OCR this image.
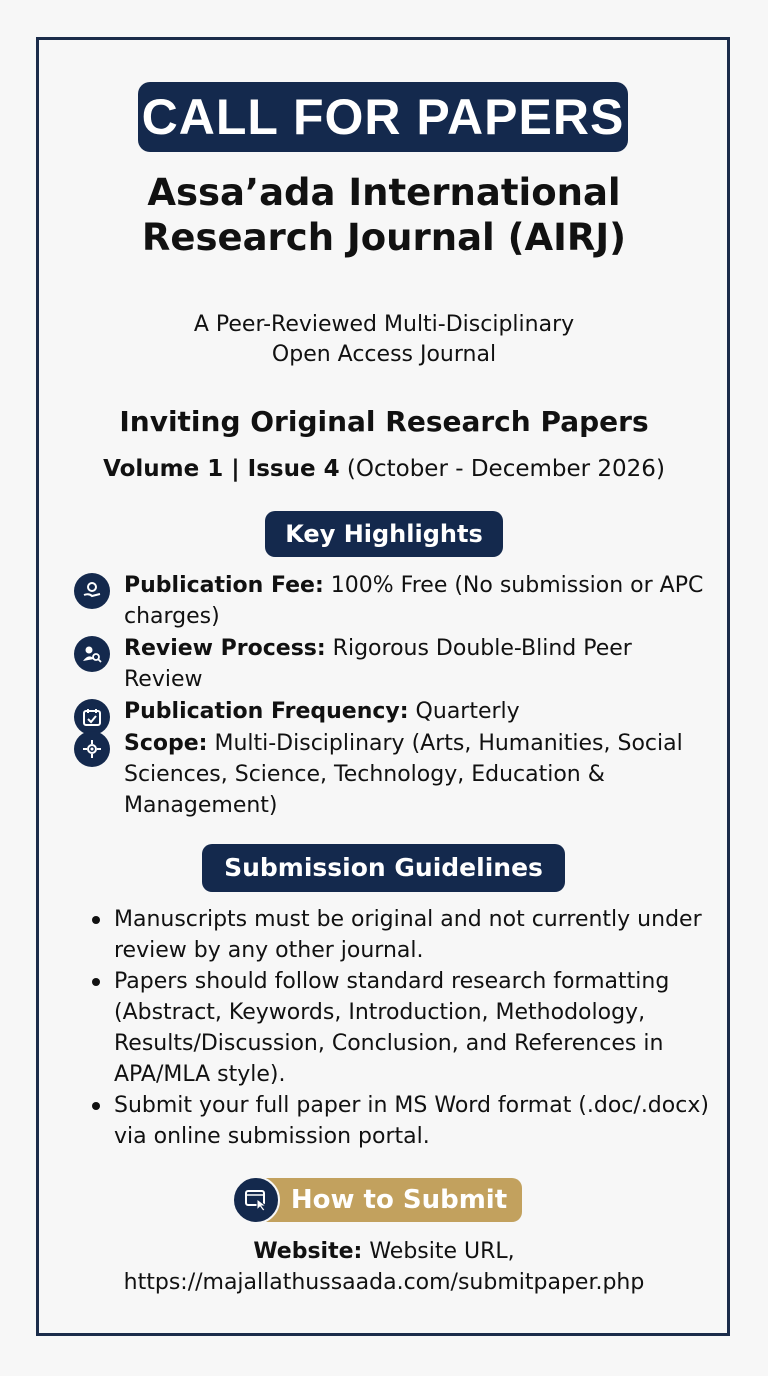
CALL FOR PAPERS
Assa’ada International
Research Journal (AIRJ)
A Peer-Reviewed Multi-Disciplinary
Open Access Journal
Inviting Original Research Papers
Volume 1 | Issue 4 (October - December 2026)
Key Highlights
Publication Fee: 100% Free (No submission or APC charges)
Review Process: Rigorous Double-Blind Peer Review
Publication Frequency: Quarterly
Scope: Multi-Disciplinary (Arts, Humanities, Social Sciences, Science, Technology, Education & Management)
Submission Guidelines
Manuscripts must be original and not currently under review by any other journal.
Papers should follow standard research formatting (Abstract, Keywords, Introduction, Methodology, Results/Discussion, Conclusion, and References in APA/MLA style).
Submit your full paper in MS Word format (.doc/.docx) via online submission portal.
How to Submit
Website: Website URL,
https://majallathussaada.com/submitpaper.php
